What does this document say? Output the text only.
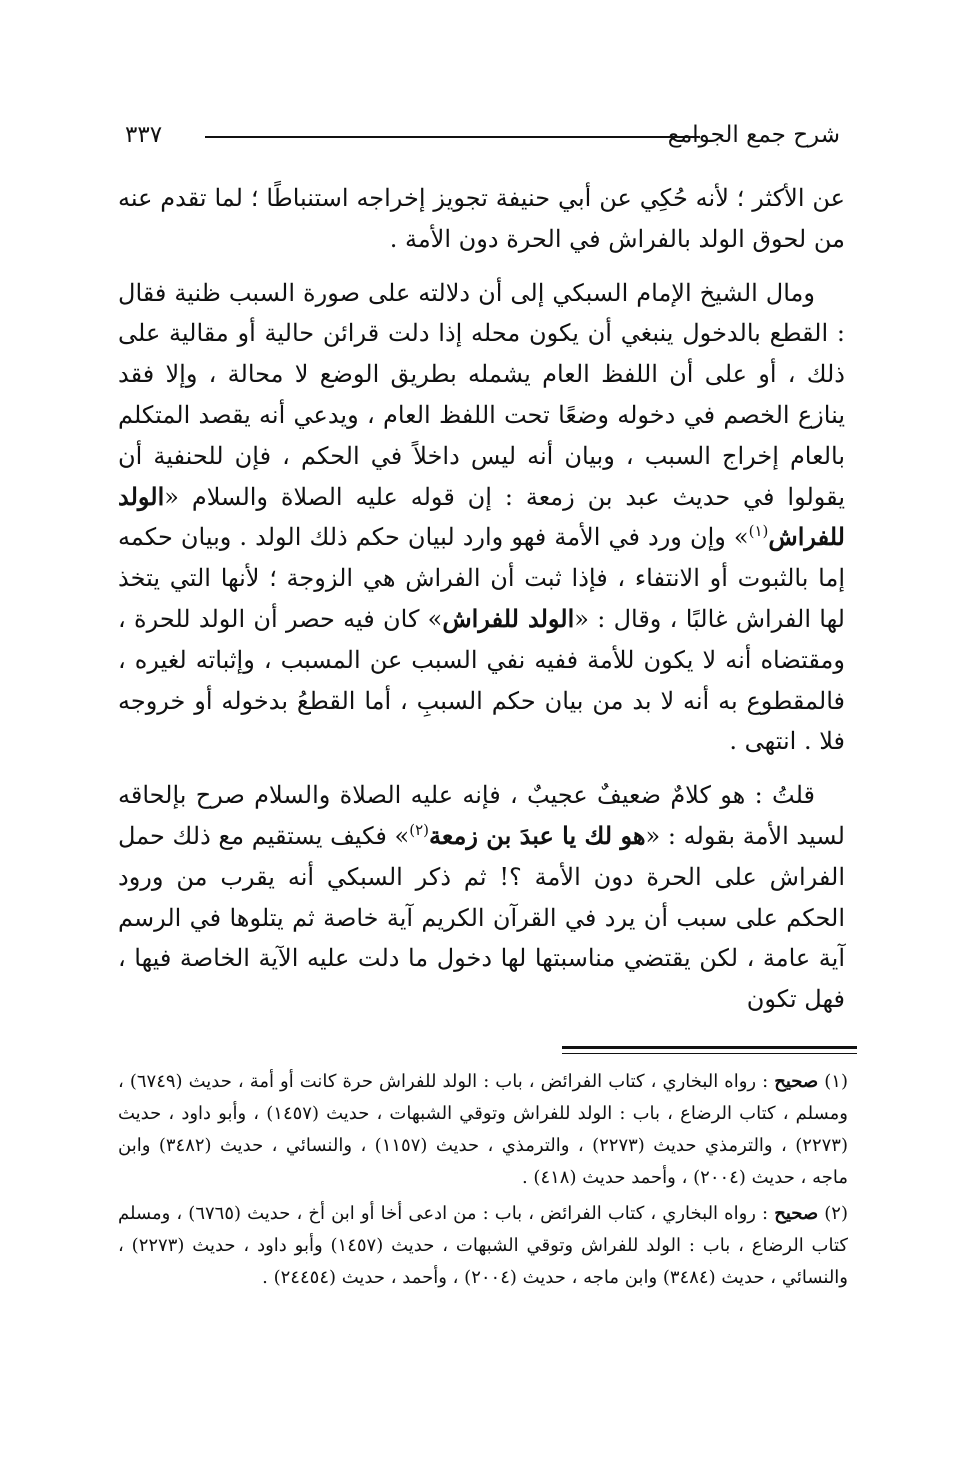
شرح جمع الجوامع
٣٣٧

عن الأكثر ؛ لأنه حُكِي عن أبي حنيفة تجويز إخراجه استنباطًا ؛ لما تقدم عنه من لحوق الولد بالفراش في الحرة دون الأمة .

ومال الشيخ الإمام السبكي إلى أن دلالته على صورة السبب ظنية فقال : القطع بالدخول ينبغي أن يكون محله إذا دلت قرائن حالية أو مقالية على ذلك ، أو على أن اللفظ العام يشمله بطريق الوضع لا محالة ، وإلا فقد ينازع الخصم في دخوله وضعًا تحت اللفظ العام ، ويدعي أنه يقصد المتكلم بالعام إخراج السبب ، وبيان أنه ليس داخلاً في الحكم ، فإن للحنفية أن يقولوا في حديث عبد بن زمعة : إن قوله عليه الصلاة والسلام «الولد للفراش$^{(١)}$» وإن ورد في الأمة فهو وارد لبيان حكم ذلك الولد . وبيان حكمه إما بالثبوت أو الانتفاء ، فإذا ثبت أن الفراش هي الزوجة ؛ لأنها التي يتخذ لها الفراش غالبًا ، وقال : «الولد للفراش» كان فيه حصر أن الولد للحرة ، ومقتضاه أنه لا يكون للأمة ففيه نفي السبب عن المسبب ، وإثباته لغيره ، فالمقطوع به أنه لا بد من بيان حكم السببِ ، أما القطعُ بدخوله أو خروجه فلا . انتهى .

قلتُ : هو كلامٌ ضعيفٌ عجيبٌ ، فإنه عليه الصلاة والسلام صرح بإلحاقه لسيد الأمة بقوله : «هو لك يا عبدَ بن زمعة$^{(٢)}$» فكيف يستقيم مع ذلك حمل الفراش على الحرة دون الأمة ؟! ثم ذكر السبكي أنه يقرب من ورود الحكم على سبب أن يرد في القرآن الكريم آية خاصة ثم يتلوها في الرسم آية عامة ، لكن يقتضي مناسبتها لها دخول ما دلت عليه الآية الخاصة فيها ، فهل تكون

(١) صحيح : رواه البخاري ، كتاب الفرائض ، باب : الولد للفراش حرة كانت أو أمة ، حديث (٦٧٤٩) ، ومسلم ، كتاب الرضاع ، باب : الولد للفراش وتوقي الشبهات ، حديث (١٤٥٧) ، وأبو داود ، حديث (٢٢٧٣) ، والترمذي حديث (٢٢٧٣) ، والترمذي ، حديث (١١٥٧) ، والنسائي ، حديث (٣٤٨٢) وابن ماجه ، حديث (٢٠٠٤) ، وأحمد حديث (٤١٨) .

(٢) صحيح : رواه البخاري ، كتاب الفرائض ، باب : من ادعى أخا أو ابن أخ ، حديث (٦٧٦٥) ، ومسلم كتاب الرضاع ، باب : الولد للفراش وتوقي الشبهات ، حديث (١٤٥٧) وأبو داود ، حديث (٢٢٧٣) ، والنسائي ، حديث (٣٤٨٤) وابن ماجه ، حديث (٢٠٠٤) ، وأحمد ، حديث (٢٤٤٥٤) .
